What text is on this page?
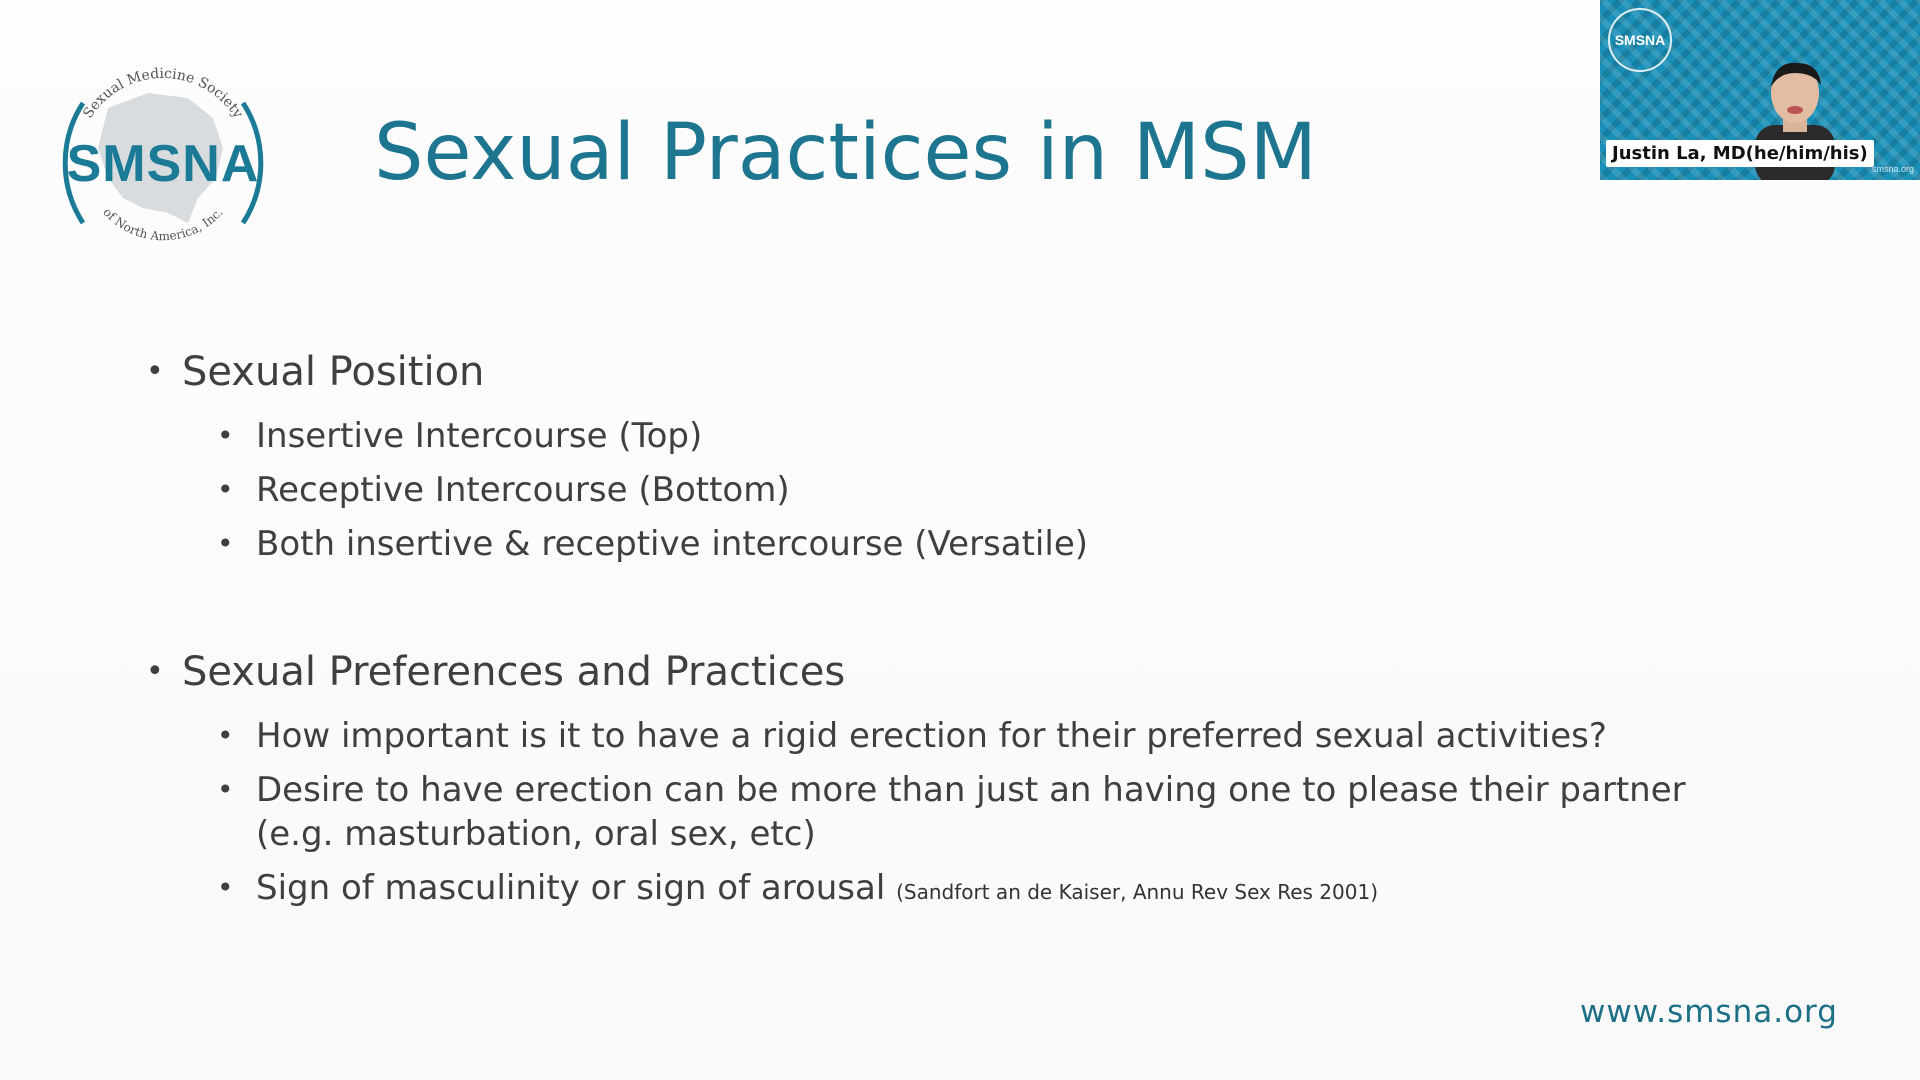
Sexual Medicine Society
of North America, Inc.
SMSNA	Sexual Practices in MSM

• Sexual Position

• Insertive Intercourse (Top)

• Receptive Intercourse (Bottom)

• Both insertive & receptive intercourse (Versatile)

• Sexual Preferences and Practices

• How important is it to have a rigid erection for their preferred sexual activities?

• Desire to have erection can be more than just an having one to please their partner (e.g. masturbation, oral sex, etc)

• Sign of masculinity or sign of arousal (Sandfort an de Kaiser, Annu Rev Sex Res 2001)

www.smsna.org
SMSNA
Justin La, MD(he/him/his)
smsna.org
